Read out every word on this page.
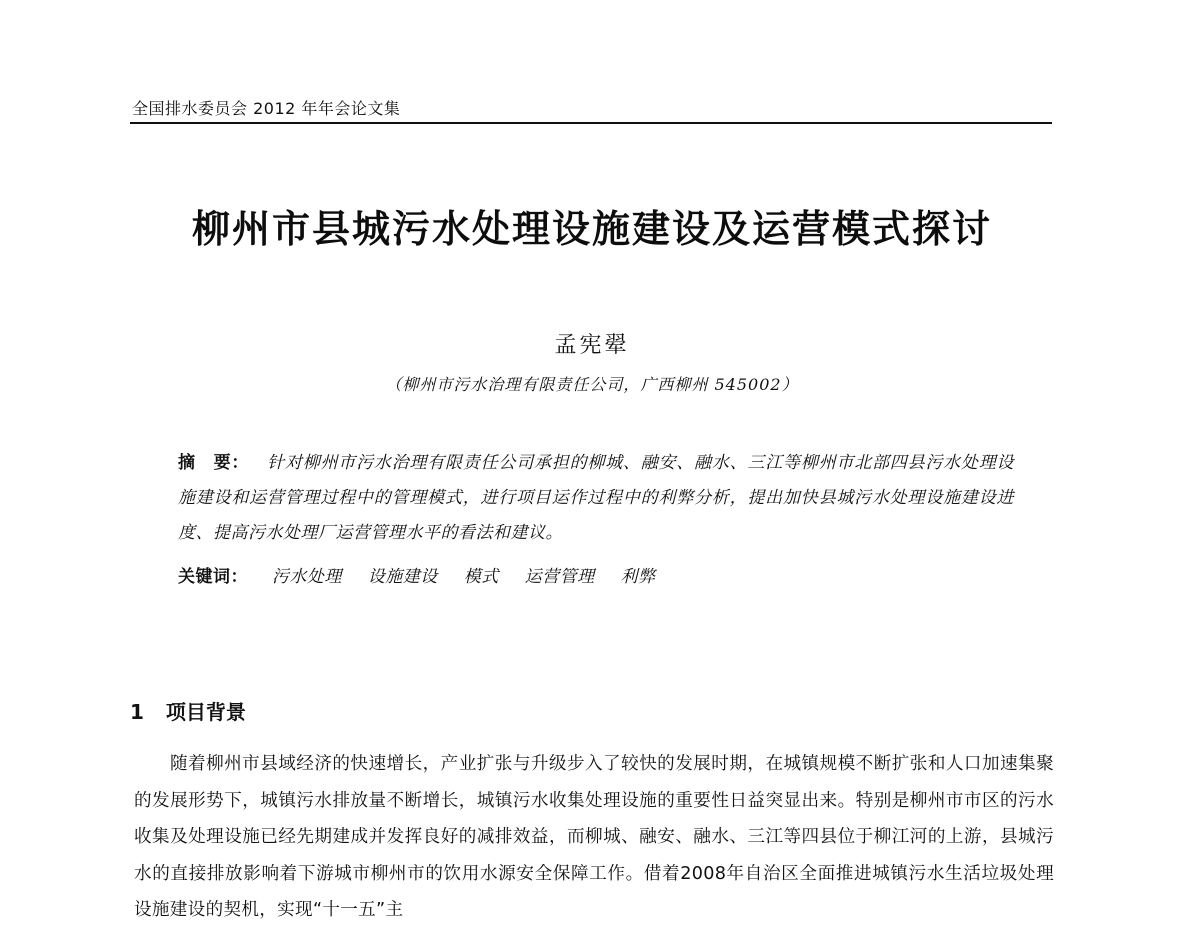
全国排水委员会 2012 年年会论文集
柳州市县城污水处理设施建设及运营模式探讨
孟宪翚
（柳州市污水治理有限责任公司，广西柳州 545002）
摘　要： 针对柳州市污水治理有限责任公司承担的柳城、融安、融水、三江等柳州市北部四县污水处理设施建设和运营管理过程中的管理模式，进行项目运作过程中的利弊分析，提出加快县城污水处理设施建设进度、提高污水处理厂运营管理水平的看法和建议。
关键词： 污水处理 设施建设 模式 运营管理 利弊
1 项目背景
随着柳州市县域经济的快速增长，产业扩张与升级步入了较快的发展时期，在城镇规模不断扩张和人口加速集聚的发展形势下，城镇污水排放量不断增长，城镇污水收集处理设施的重要性日益突显出来。特别是柳州市市区的污水收集及处理设施已经先期建成并发挥良好的减排效益，而柳城、融安、融水、三江等四县位于柳江河的上游，县城污水的直接排放影响着下游城市柳州市的饮用水源安全保障工作。借着2008年自治区全面推进城镇污水生活垃圾处理设施建设的契机，实现“十一五”主
